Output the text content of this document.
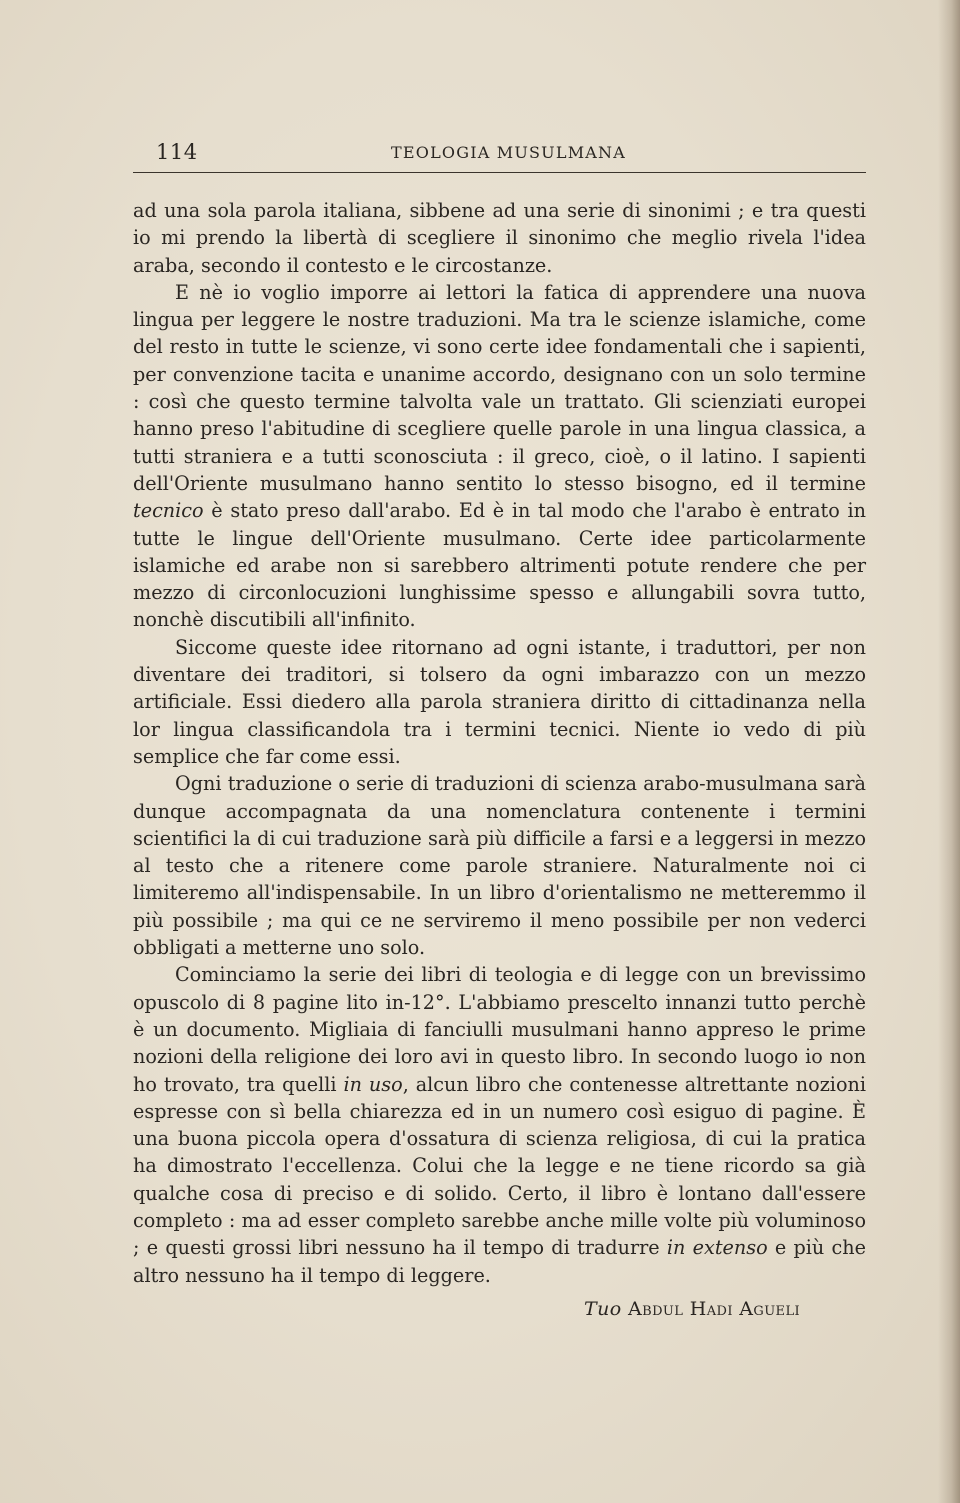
114	TEOLOGIA MUSULMANA

ad una sola parola italiana, sibbene ad una serie di sinonimi ; e tra questi io mi prendo la libertà di scegliere il sinonimo che meglio rivela l'idea araba, secondo il contesto e le circostanze.

E nè io voglio imporre ai lettori la fatica di apprendere una nuova lingua per leggere le nostre traduzioni. Ma tra le scienze islamiche, come del resto in tutte le scienze, vi sono certe idee fondamentali che i sapienti, per convenzione tacita e unanime accordo, designano con un solo termine : così che questo termine talvolta vale un trattato. Gli scienziati europei hanno preso l'abitudine di scegliere quelle parole in una lingua classica, a tutti straniera e a tutti sconosciuta : il greco, cioè, o il latino. I sapienti dell'Oriente musulmano hanno sentito lo stesso bisogno, ed il termine tecnico è stato preso dall'arabo. Ed è in tal modo che l'arabo è entrato in tutte le lingue dell'Oriente musulmano. Certe idee particolarmente islamiche ed arabe non si sarebbero altrimenti potute rendere che per mezzo di circonlocuzioni lunghissime spesso e allungabili sovra tutto, nonchè discutibili all'infinito.

Siccome queste idee ritornano ad ogni istante, i traduttori, per non diventare dei traditori, si tolsero da ogni imbarazzo con un mezzo artificiale. Essi diedero alla parola straniera diritto di cittadinanza nella lor lingua classificandola tra i termini tecnici. Niente io vedo di più semplice che far come essi.

Ogni traduzione o serie di traduzioni di scienza arabo-musulmana sarà dunque accompagnata da una nomenclatura contenente i termini scientifici la di cui traduzione sarà più difficile a farsi e a leggersi in mezzo al testo che a ritenere come parole straniere. Naturalmente noi ci limiteremo all'indispensabile. In un libro d'orientalismo ne metteremmo il più possibile ; ma qui ce ne serviremo il meno possibile per non vederci obbligati a metterne uno solo.

Cominciamo la serie dei libri di teologia e di legge con un brevissimo opuscolo di 8 pagine lito in-12°. L'abbiamo prescelto innanzi tutto perchè è un documento. Migliaia di fanciulli musulmani hanno appreso le prime nozioni della religione dei loro avi in questo libro. In secondo luogo io non ho trovato, tra quelli in uso, alcun libro che contenesse altrettante nozioni espresse con sì bella chiarezza ed in un numero così esiguo di pagine. È una buona piccola opera d'ossatura di scienza religiosa, di cui la pratica ha dimostrato l'eccellenza. Colui che la legge e ne tiene ricordo sa già qualche cosa di preciso e di solido. Certo, il libro è lontano dall'essere completo : ma ad esser completo sarebbe anche mille volte più voluminoso ; e questi grossi libri nessuno ha il tempo di tradurre in extenso e più che altro nessuno ha il tempo di leggere.

Tuo Abdul Hadi Agueli
